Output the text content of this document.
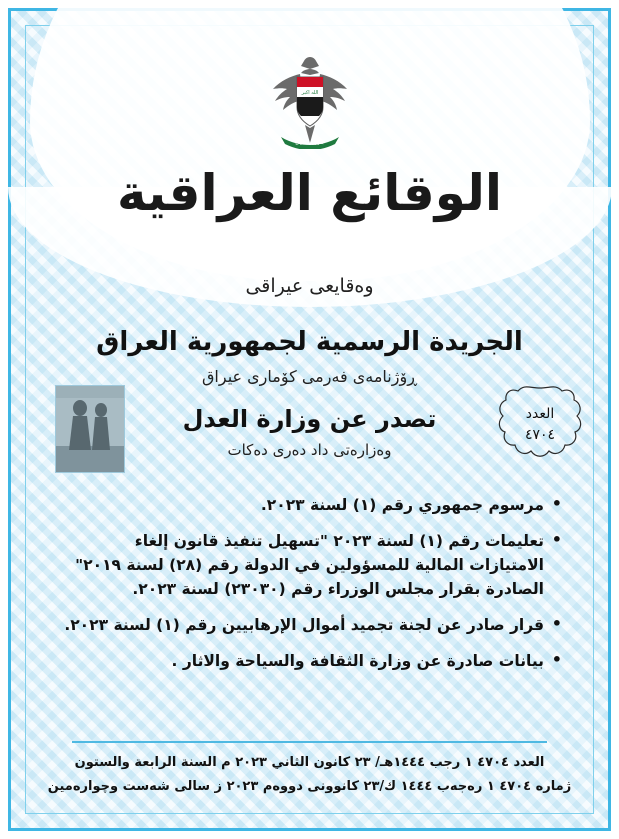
الله اكبر
جمهورية العراق
الوقائع العراقية
وەقايعى عيراقى
الجريدة الرسمية لجمهورية العراق
ڕۆژنامەى فەرمى كۆمارى عيراق
العدد
٤٧٠٤
تصدر عن وزارة العدل
وەزارەتى داد دەرى دەكات
• مرسوم جمهوري رقم (١) لسنة ٢٠٢٣.
• تعليمات رقم (١) لسنة ٢٠٢٣ "تسهيل تنفيذ قانون إلغاء الامتيازات المالية للمسؤولين في الدولة رقم (٢٨) لسنة ٢٠١٩" الصادرة بقرار مجلس الوزراء رقم (٢٣٠٣٠) لسنة ٢٠٢٣.
• قرار صادر عن لجنة تجميد أموال الإرهابيين رقم (١) لسنة ٢٠٢٣.
• بيانات صادرة عن وزارة الثقافة والسياحة والاثار .
العدد ٤٧٠٤ ١ رجب ١٤٤٤هـ/ ٢٣ كانون الثاني ٢٠٢٣ م السنة الرابعة والستون
ژمارە ٤٧٠٤ ١ رەجەب ١٤٤٤ ك/٢٣ كانوونى دووەم ٢٠٢٣ ز سالى شەست وچوارەمين
